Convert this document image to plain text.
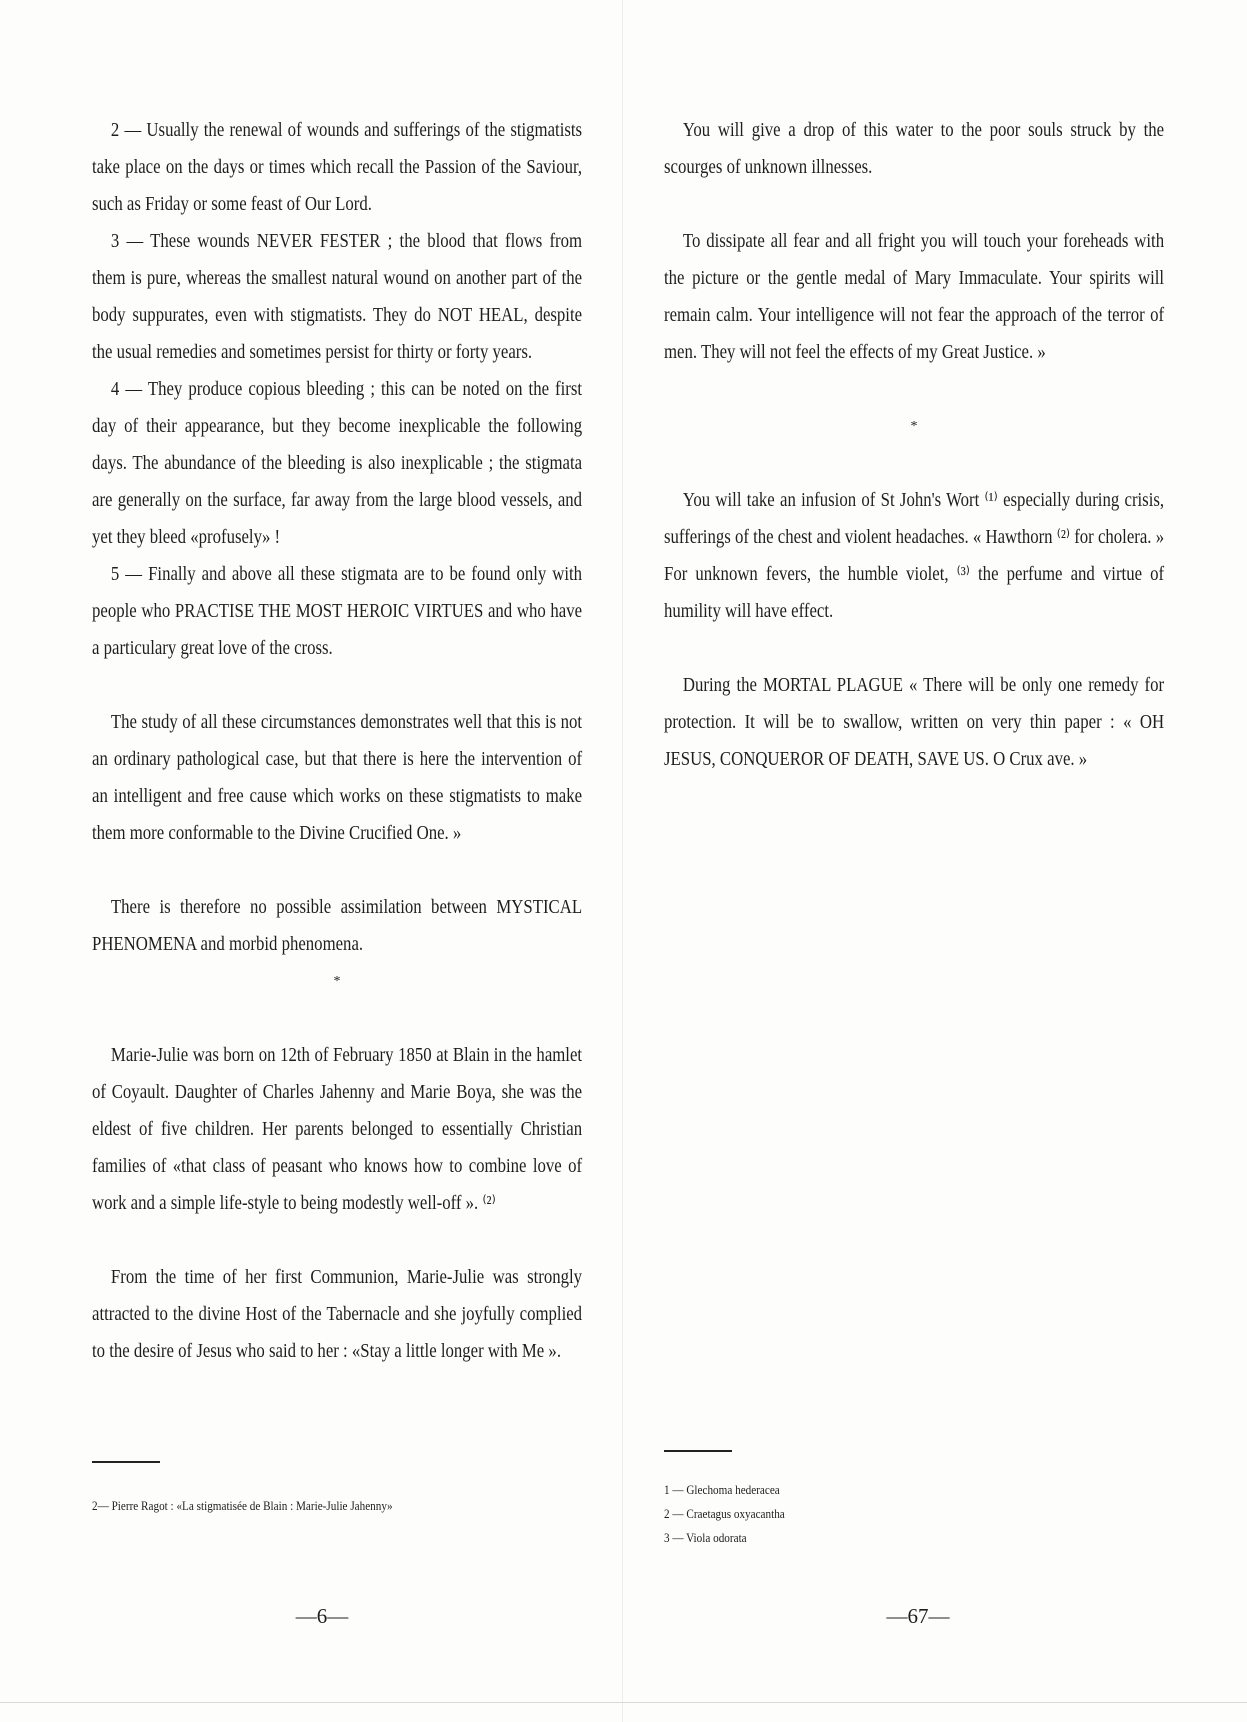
2 — Usually the renewal of wounds and sufferings of the stigmatists take place on the days or times which recall the Passion of the Saviour, such as Friday or some feast of Our Lord.

3 — These wounds NEVER FESTER ; the blood that flows from them is pure, whereas the smallest natural wound on another part of the body suppurates, even with stigmatists. They do NOT HEAL, despite the usual remedies and sometimes persist for thirty or forty years.

4 — They produce copious bleeding ; this can be noted on the first day of their appearance, but they become inexplicable the following days. The abundance of the bleeding is also inexplicable ; the stigmata are generally on the surface, far away from the large blood vessels, and yet they bleed «profusely» !

5 — Finally and above all these stigmata are to be found only with people who PRACTISE THE MOST HEROIC VIRTUES and who have a particulary great love of the cross.

The study of all these circumstances demonstrates well that this is not an ordinary pathological case, but that there is here the intervention of an intelligent and free cause which works on these stigmatists to make them more conformable to the Divine Crucified One. »

There is therefore no possible assimilation between MYSTICAL PHENOMENA and morbid phenomena.

*

Marie-Julie was born on 12th of February 1850 at Blain in the hamlet of Coyault. Daughter of Charles Jahenny and Marie Boya, she was the eldest of five children. Her parents belonged to essentially Christian families of «that class of peasant who knows how to combine love of work and a simple life-style to being modestly well-off ». ⁽²⁾

From the time of her first Communion, Marie-Julie was strongly attracted to the divine Host of the Tabernacle and she joyfully complied to the desire of Jesus who said to her : «Stay a little longer with Me ».

2— Pierre Ragot : «La stigmatisée de Blain : Marie-Julie Jahenny»
—6—

You will give a drop of this water to the poor souls struck by the scourges of unknown illnesses.

To dissipate all fear and all fright you will touch your foreheads with the picture or the gentle medal of Mary Immaculate. Your spirits will remain calm. Your intelligence will not fear the approach of the terror of men. They will not feel the effects of my Great Justice. »

*

You will take an infusion of St John's Wort ⁽¹⁾ especially during crisis, sufferings of the chest and violent headaches. « Hawthorn ⁽²⁾ for cholera. » For unknown fevers, the humble violet, ⁽³⁾ the perfume and virtue of humility will have effect.

During the MORTAL PLAGUE « There will be only one remedy for protection. It will be to swallow, written on very thin paper : « OH JESUS, CONQUEROR OF DEATH, SAVE US. O Crux ave. »

1 — Glechoma hederacea
2 — Craetagus oxyacantha
3 — Viola odorata
—67—
